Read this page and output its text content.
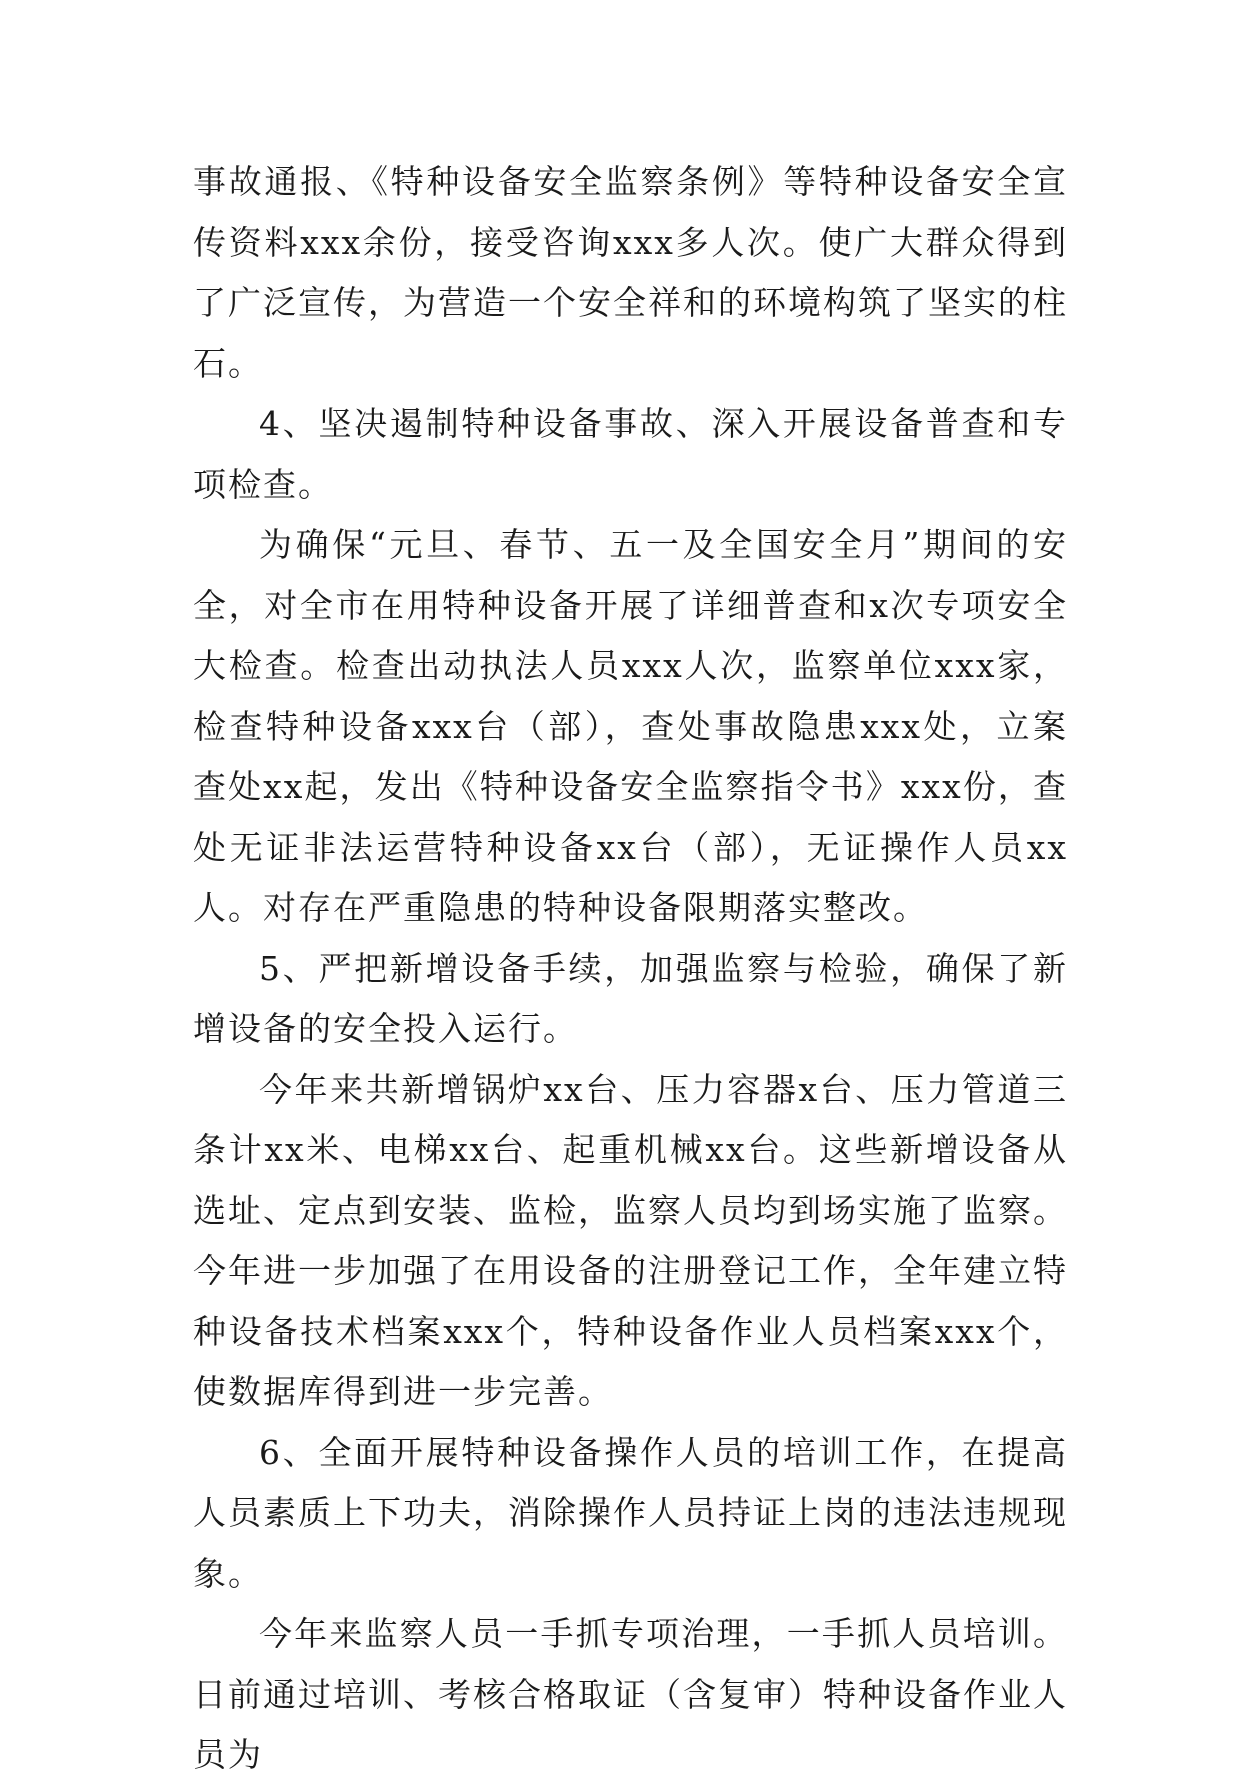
事故通报、《特种设备安全监察条例》等特种设备安全宣传资料xxx余份，接受咨询xxx多人次。使广大群众得到了广泛宣传，为营造一个安全祥和的环境构筑了坚实的柱石。

4、坚决遏制特种设备事故、深入开展设备普查和专项检查。

为确保“元旦、春节、五一及全国安全月”期间的安全，对全市在用特种设备开展了详细普查和x次专项安全大检查。检查出动执法人员xxx人次，监察单位xxx家，检查特种设备xxx台（部），查处事故隐患xxx处，立案查处xx起，发出《特种设备安全监察指令书》xxx份，查处无证非法运营特种设备xx台（部），无证操作人员xx人。对存在严重隐患的特种设备限期落实整改。

5、严把新增设备手续，加强监察与检验，确保了新增设备的安全投入运行。

今年来共新增锅炉xx台、压力容器x台、压力管道三条计xx米、电梯xx台、起重机械xx台。这些新增设备从选址、定点到安装、监检，监察人员均到场实施了监察。今年进一步加强了在用设备的注册登记工作，全年建立特种设备技术档案xxx个，特种设备作业人员档案xxx个，使数据库得到进一步完善。

6、全面开展特种设备操作人员的培训工作，在提高人员素质上下功夫，消除操作人员持证上岗的违法违规现象。

今年来监察人员一手抓专项治理，一手抓人员培训。日前通过培训、考核合格取证（含复审）特种设备作业人员为
